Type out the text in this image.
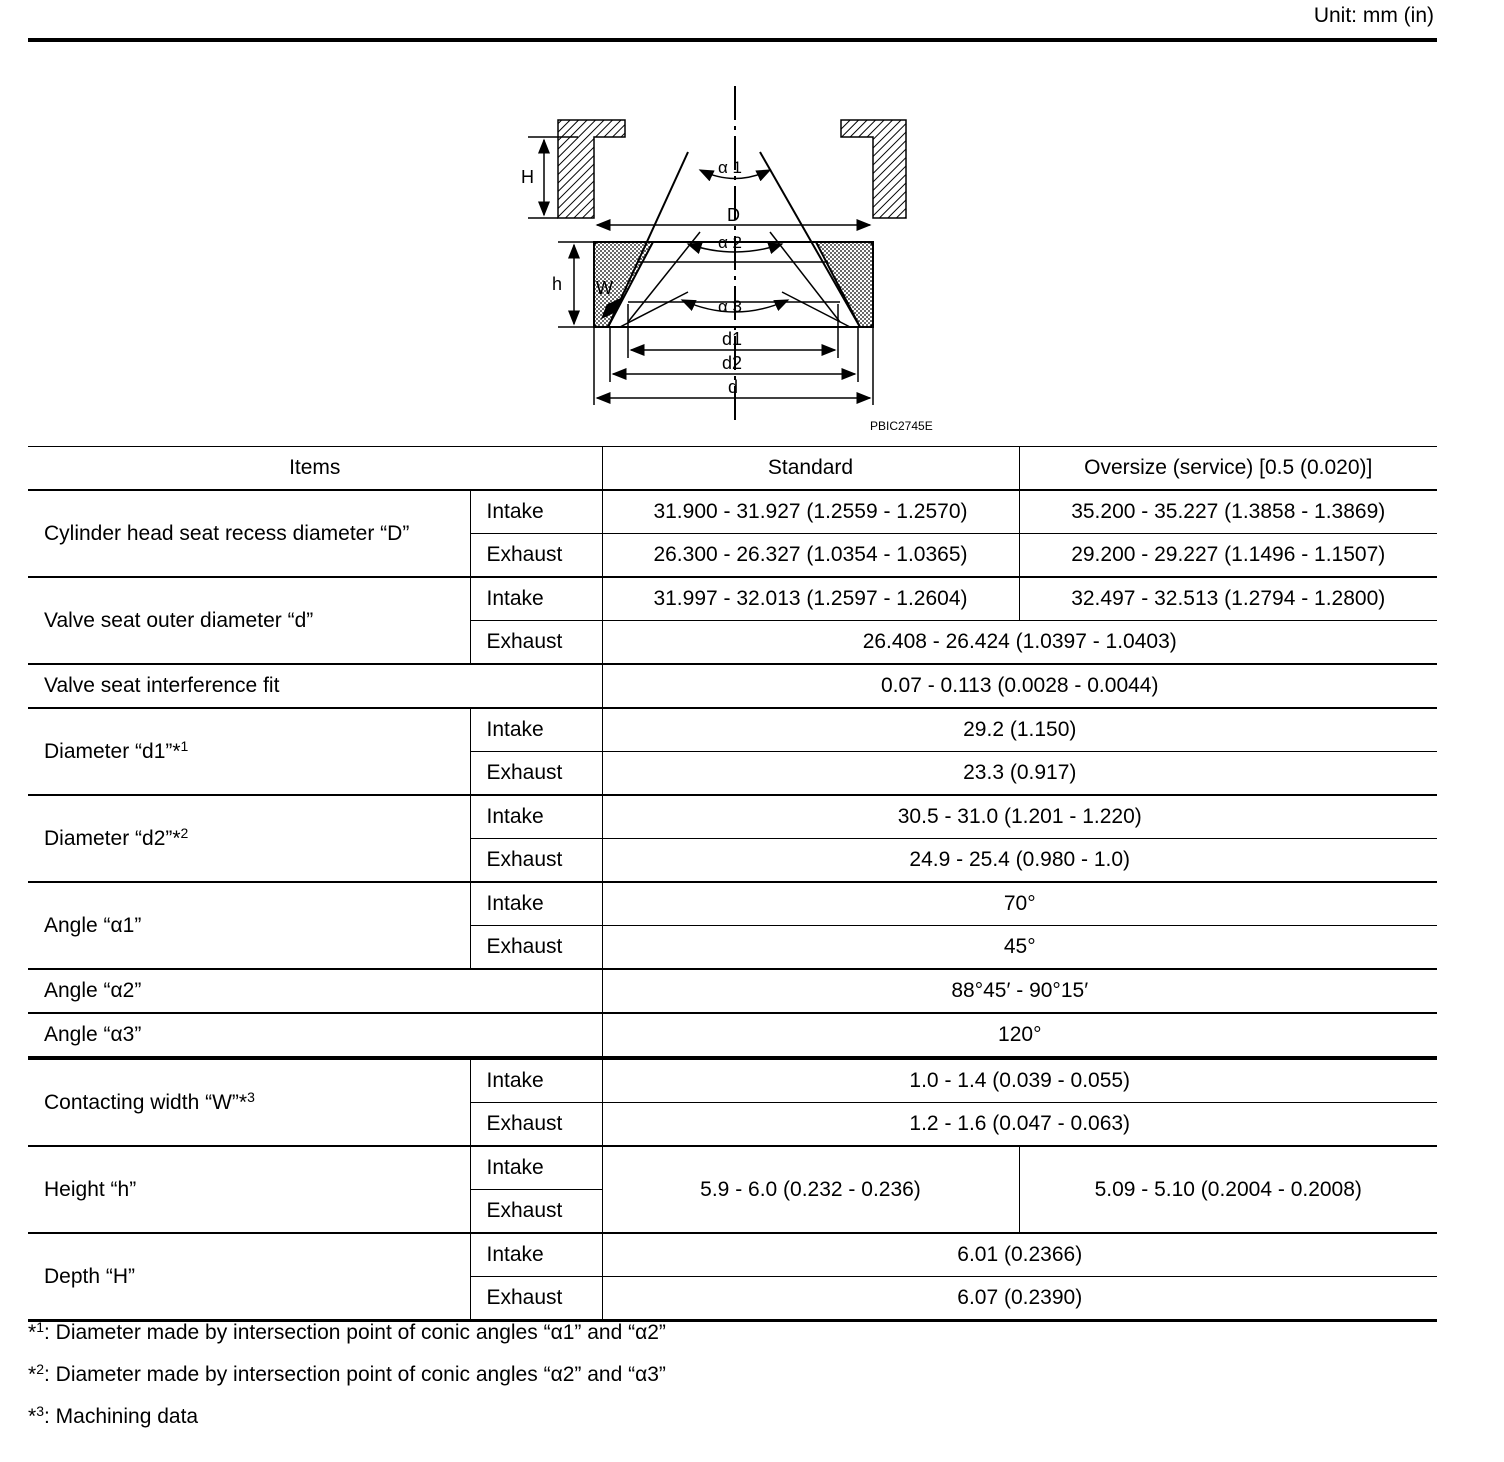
Unit: mm (in)
H
D
α 1
α 2
α 3
h W
d1
d2
d
PBIC2745E
Items		Standard	Oversize (service) [0.5 (0.020)]
Cylinder head seat recess diameter “D”	Intake	31.900 - 31.927 (1.2559 - 1.2570)	35.200 - 35.227 (1.3858 - 1.3869)
	Exhaust	26.300 - 26.327 (1.0354 - 1.0365)	29.200 - 29.227 (1.1496 - 1.1507)
Valve seat outer diameter “d”	Intake	31.997 - 32.013 (1.2597 - 1.2604)	32.497 - 32.513 (1.2794 - 1.2800)
	Exhaust	26.408 - 26.424 (1.0397 - 1.0403)	
Valve seat interference fit		0.07 - 0.113 (0.0028 - 0.0044)	
Diameter “d1”*$^1$	Intake	29.2 (1.150)	
	Exhaust	23.3 (0.917)	
Diameter “d2”*$^2$	Intake	30.5 - 31.0 (1.201 - 1.220)	
	Exhaust	24.9 - 25.4 (0.980 - 1.0)	
Angle “α1”	Intake	70°	
	Exhaust	45°	
Angle “α2”		88°45′ - 90°15′	
Angle “α3”		120°	
Contacting width “W”*$^3$	Intake	1.0 - 1.4 (0.039 - 0.055)	
	Exhaust	1.2 - 1.6 (0.047 - 0.063)	
Height “h”	Intake	5.9 - 6.0 (0.232 - 0.236)	5.09 - 5.10 (0.2004 - 0.2008)
	Exhaust		
Depth “H”	Intake	6.01 (0.2366)	
	Exhaust	6.07 (0.2390)	
*$^1$: Diameter made by intersection point of conic angles “α1” and “α2”
*$^2$: Diameter made by intersection point of conic angles “α2” and “α3”
*$^3$: Machining data
